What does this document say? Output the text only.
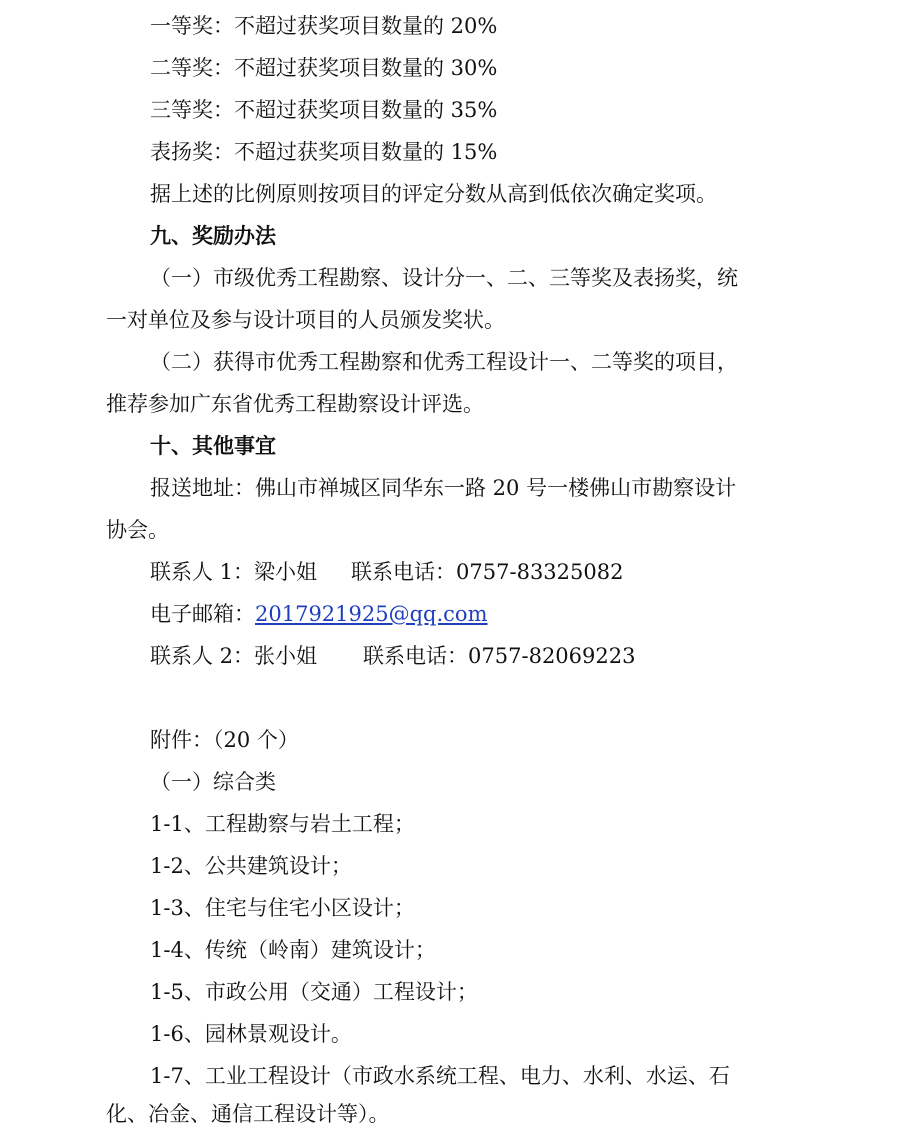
一等奖：不超过获奖项目数量的 20%
二等奖：不超过获奖项目数量的 30%
三等奖：不超过获奖项目数量的 35%
表扬奖：不超过获奖项目数量的 15%
据上述的比例原则按项目的评定分数从高到低依次确定奖项。
九、奖励办法
（一）市级优秀工程勘察、设计分一、二、三等奖及表扬奖，统
一对单位及参与设计项目的人员颁发奖状。
（二）获得市优秀工程勘察和优秀工程设计一、二等奖的项目，
推荐参加广东省优秀工程勘察设计评选。
十、其他事宜
报送地址：佛山市禅城区同华东一路 20 号一楼佛山市勘察设计
协会。
联系人 1：梁小姐 联系电话：0757-83325082
电子邮箱：2017921925@qq.com
联系人 2：张小姐 联系电话：0757-82069223
附件：（20 个）
（一）综合类
1-1、工程勘察与岩土工程；
1-2、公共建筑设计；
1-3、住宅与住宅小区设计；
1-4、传统（岭南）建筑设计；
1-5、市政公用（交通）工程设计；
1-6、园林景观设计。
1-7、工业工程设计（市政水系统工程、电力、水利、水运、石
化、冶金、通信工程设计等）。
